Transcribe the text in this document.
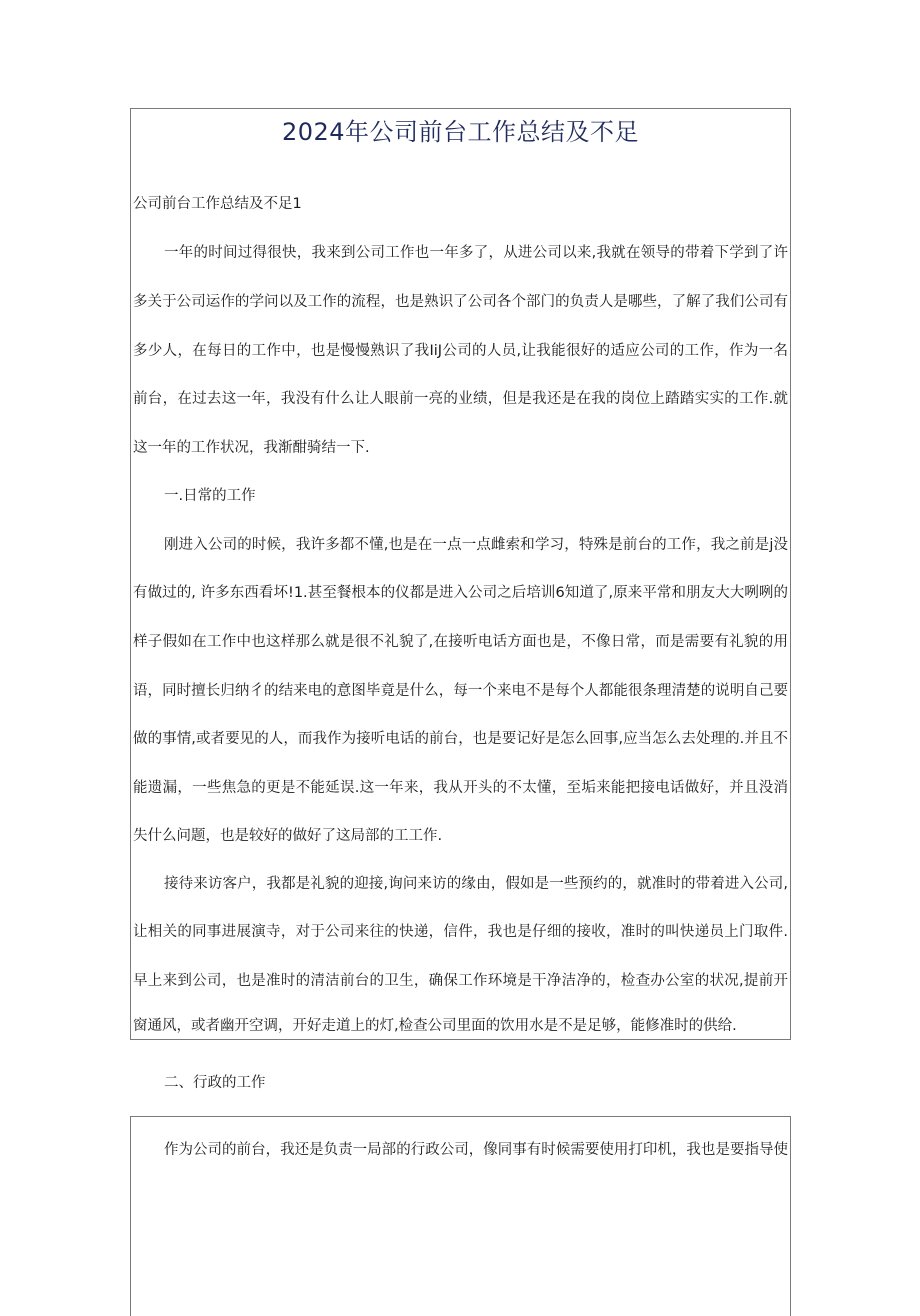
2024年公司前台工作总结及不足
公司前台工作总结及不足1
一年的时间过得很快，我来到公司工作也一年多了，从进公司以来,我就在领导的带着下学到了许
多关于公司运作的学问以及工作的流程，也是熟识了公司各个部门的负责人是哪些，了解了我们公司有
多少人，在每日的工作中，也是慢慢熟识了我IiJ公司的人员,让我能很好的适应公司的工作，作为一名
前台，在过去这一年，我没有什么让人眼前一亮的业绩，但是我还是在我的岗位上踏踏实实的工作.就
这一年的工作状况，我渐酣骑结一下.
一.日常的工作
刚进入公司的时候，我许多都不懂,也是在一点一点雌索和学习，特殊是前台的工作，我之前是j没
有做过的, 许多东西看坏!1.甚至餐根本的仪都是进入公司之后培训6知道了,原来平常和朋友大大咧咧的
样子假如在工作中也这样那么就是很不礼貌了,在接听电话方面也是，不像日常，而是需要有礼貌的用
语，同时擅长归纳彳的结来电的意图毕竟是什么，每一个来电不是每个人都能很条理清楚的说明自己要
做的事情,或者要见的人，而我作为接听电话的前台，也是要记好是怎么回事,应当怎么去处理的.并且不
能遗漏，一些焦急的更是不能延误.这一年来，我从开头的不太懂，至垢来能把接电话做好，并且没消
失什么问题，也是较好的做好了这局部的工工作.
接待来访客户，我都是礼貌的迎接,询问来访的缘由，假如是一些预约的，就准时的带着进入公司,
让相关的同事进展演寺，对于公司来往的快递，信件，我也是仔细的接收，准时的叫快递员上门取件.
早上来到公司，也是准时的清洁前台的卫生，确保工作环境是干净洁净的，检查办公室的状况,提前开
窗通风，或者幽开空调，开好走道上的灯,检查公司里面的饮用水是不是足够，能修准时的供给.
二、行政的工作
作为公司的前台，我还是负责一局部的行政公司，像同事有时候需要使用打印机，我也是要指导使
